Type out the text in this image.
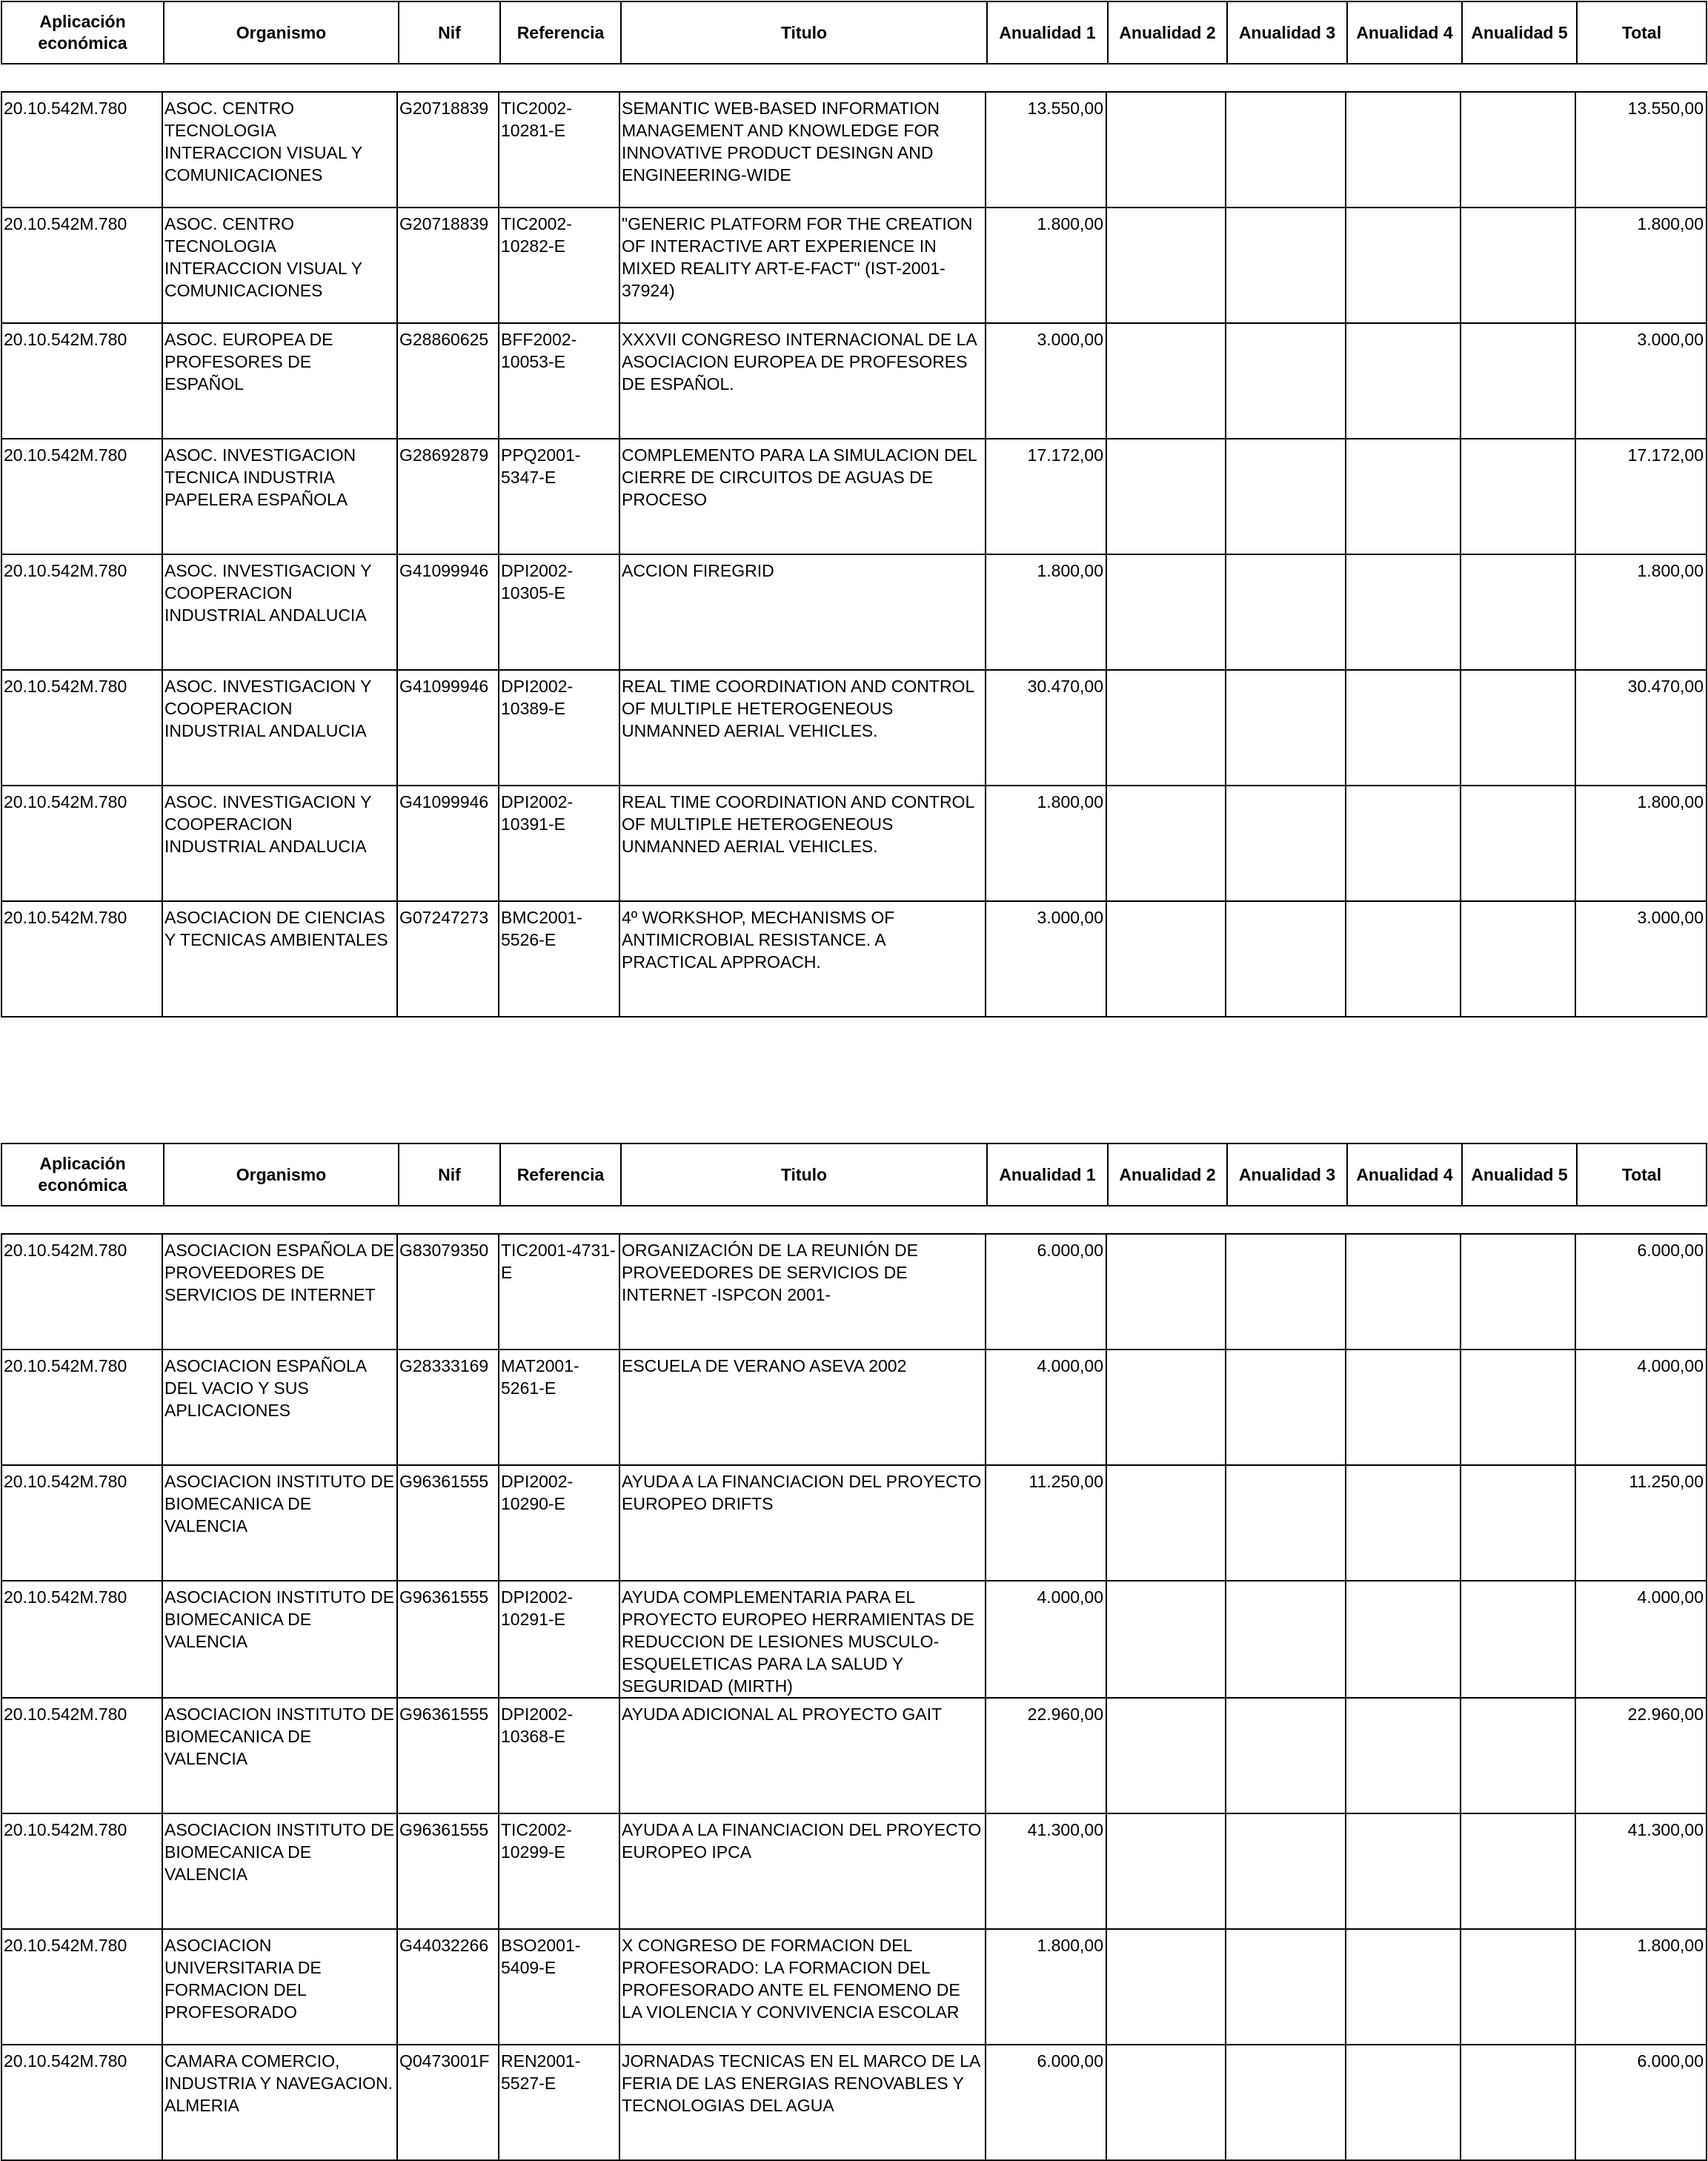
Aplicación económica	Organismo	Nif	Referencia	Titulo	Anualidad 1	Anualidad 2	Anualidad 3	Anualidad 4	Anualidad 5	Total
20.10.542M.780	ASOC. CENTRO TECNOLOGIA INTERACCION VISUAL Y COMUNICACIONES	G20718839	TIC2002-10281-E	SEMANTIC WEB-BASED INFORMATION MANAGEMENT AND KNOWLEDGE FOR INNOVATIVE PRODUCT DESINGN AND ENGINEERING-WIDE	13.550,00					13.550,00
20.10.542M.780	ASOC. CENTRO TECNOLOGIA INTERACCION VISUAL Y COMUNICACIONES	G20718839	TIC2002-10282-E	"GENERIC PLATFORM FOR THE CREATION OF INTERACTIVE ART EXPERIENCE IN MIXED REALITY ART-E-FACT" (IST-2001-37924)	1.800,00					1.800,00
20.10.542M.780	ASOC. EUROPEA DE PROFESORES DE ESPAÑOL	G28860625	BFF2002-10053-E	XXXVII CONGRESO INTERNACIONAL DE LA ASOCIACION EUROPEA DE PROFESORES DE ESPAÑOL.	3.000,00					3.000,00
20.10.542M.780	ASOC. INVESTIGACION TECNICA INDUSTRIA PAPELERA ESPAÑOLA	G28692879	PPQ2001-5347-E	COMPLEMENTO PARA LA SIMULACION DEL CIERRE DE CIRCUITOS DE AGUAS DE PROCESO	17.172,00					17.172,00
20.10.542M.780	ASOC. INVESTIGACION Y COOPERACION INDUSTRIAL ANDALUCIA	G41099946	DPI2002-10305-E	ACCION FIREGRID	1.800,00					1.800,00
20.10.542M.780	ASOC. INVESTIGACION Y COOPERACION INDUSTRIAL ANDALUCIA	G41099946	DPI2002-10389-E	REAL TIME COORDINATION AND CONTROL OF MULTIPLE HETEROGENEOUS UNMANNED AERIAL VEHICLES.	30.470,00					30.470,00
20.10.542M.780	ASOC. INVESTIGACION Y COOPERACION INDUSTRIAL ANDALUCIA	G41099946	DPI2002-10391-E	REAL TIME COORDINATION AND CONTROL OF MULTIPLE HETEROGENEOUS UNMANNED AERIAL VEHICLES.	1.800,00					1.800,00
20.10.542M.780	ASOCIACION DE CIENCIAS Y TECNICAS AMBIENTALES	G07247273	BMC2001-5526-E	4º WORKSHOP, MECHANISMS OF ANTIMICROBIAL RESISTANCE. A PRACTICAL APPROACH.	3.000,00					3.000,00
Aplicación económica	Organismo	Nif	Referencia	Titulo	Anualidad 1	Anualidad 2	Anualidad 3	Anualidad 4	Anualidad 5	Total
20.10.542M.780	ASOCIACION ESPAÑOLA DE PROVEEDORES DE SERVICIOS DE INTERNET	G83079350	TIC2001-4731-E	ORGANIZACIÓN DE LA REUNIÓN DE PROVEEDORES DE SERVICIOS DE INTERNET -ISPCON 2001-	6.000,00					6.000,00
20.10.542M.780	ASOCIACION ESPAÑOLA DEL VACIO Y SUS APLICACIONES	G28333169	MAT2001-5261-E	ESCUELA DE VERANO ASEVA 2002	4.000,00					4.000,00
20.10.542M.780	ASOCIACION INSTITUTO DE BIOMECANICA DE VALENCIA	G96361555	DPI2002-10290-E	AYUDA A LA FINANCIACION DEL PROYECTO EUROPEO DRIFTS	11.250,00					11.250,00
20.10.542M.780	ASOCIACION INSTITUTO DE BIOMECANICA DE VALENCIA	G96361555	DPI2002-10291-E	AYUDA COMPLEMENTARIA PARA EL PROYECTO EUROPEO HERRAMIENTAS DE REDUCCION DE LESIONES MUSCULO-ESQUELETICAS PARA LA SALUD Y SEGURIDAD (MIRTH)	4.000,00					4.000,00
20.10.542M.780	ASOCIACION INSTITUTO DE BIOMECANICA DE VALENCIA	G96361555	DPI2002-10368-E	AYUDA ADICIONAL AL PROYECTO GAIT	22.960,00					22.960,00
20.10.542M.780	ASOCIACION INSTITUTO DE BIOMECANICA DE VALENCIA	G96361555	TIC2002-10299-E	AYUDA A LA FINANCIACION DEL PROYECTO EUROPEO IPCA	41.300,00					41.300,00
20.10.542M.780	ASOCIACION UNIVERSITARIA DE FORMACION DEL PROFESORADO	G44032266	BSO2001-5409-E	X CONGRESO DE FORMACION DEL PROFESORADO: LA FORMACION DEL PROFESORADO ANTE EL FENOMENO DE LA VIOLENCIA Y CONVIVENCIA ESCOLAR	1.800,00					1.800,00
20.10.542M.780	CAMARA COMERCIO, INDUSTRIA Y NAVEGACION. ALMERIA	Q0473001F	REN2001-5527-E	JORNADAS TECNICAS EN EL MARCO DE LA FERIA DE LAS ENERGIAS RENOVABLES Y TECNOLOGIAS DEL AGUA	6.000,00					6.000,00
